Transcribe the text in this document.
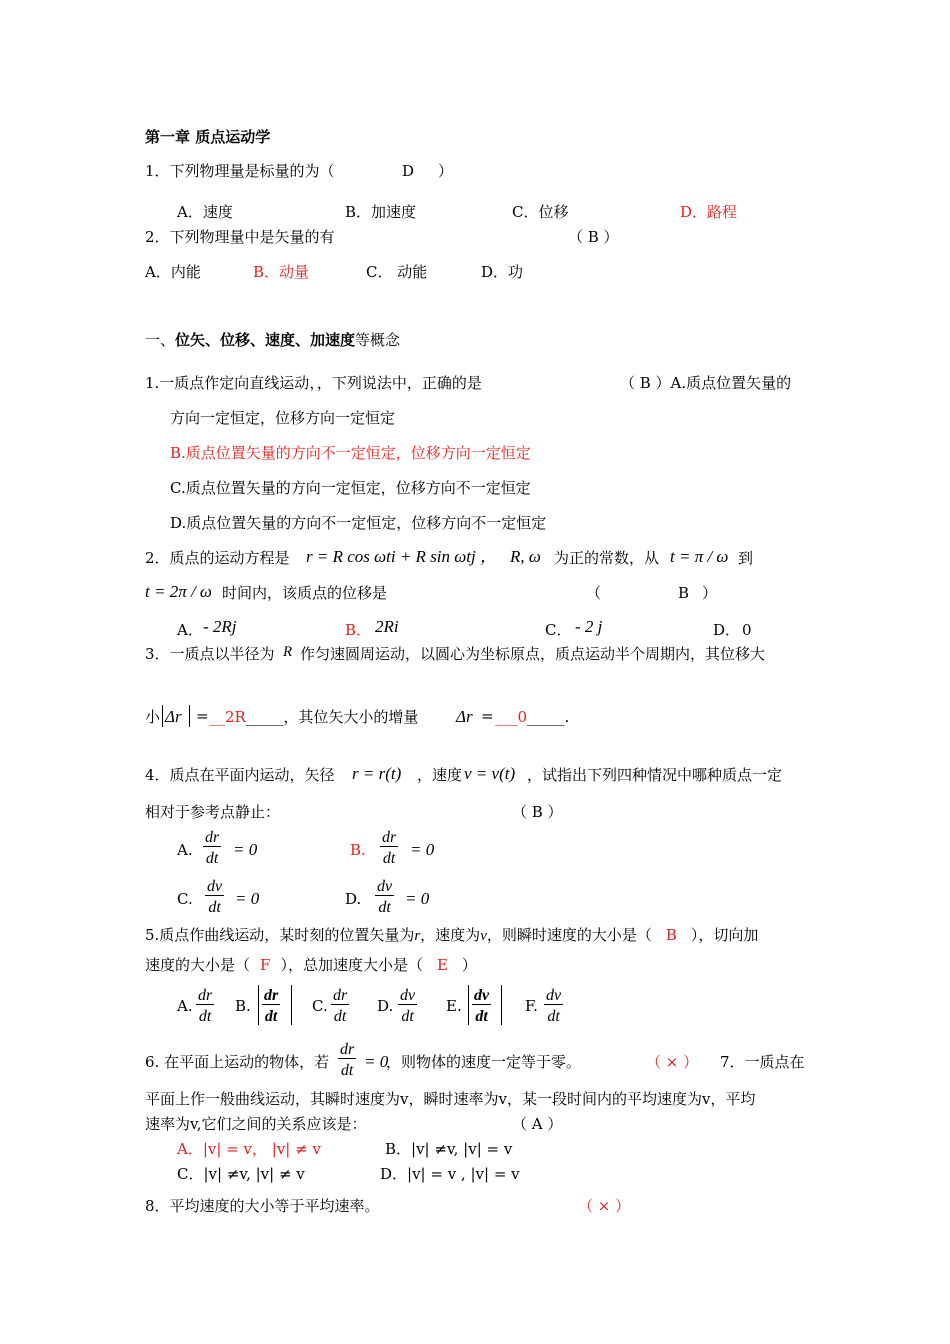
第一章 质点运动学
1．下列物理量是标量的为（	D ）
A．速度	B．加速度	C．位移	D．路程
2．下列物理量中是矢量的有	（ B ）
A．内能	B．动量	C． 动能	D．功
一、位矢、位移、速度、加速度等概念
1.一质点作定向直线运动，，下列说法中，正确的是	（ B ）A.质点位置矢量的
方向一定恒定，位移方向一定恒定
B.质点位置矢量的方向不一定恒定，位移方向一定恒定
C.质点位置矢量的方向一定恒定，位移方向不一定恒定
D.质点位置矢量的方向不一定恒定，位移方向不一定恒定
2．质点的运动方程是 r = R cos ωti + R sin ωtj ， R, ω 为正的常数，从 t = π / ω 到
t = 2π / ω 时间内，该质点的位移是	（	B ）
A． - 2Rj	B． 2Ri	C． - 2 j	D． 0
3．一质点以半径为 R 作匀速圆周运动，以圆心为坐标原点，质点运动半个周期内，其位移大
小 Δr = __2R_____，其位矢大小的增量 Δr = ___0_____.
4．质点在平面内运动，矢径 r = r(t) ，速度 v = v(t) ，试指出下列四种情况中哪种质点一定
相对于参考点静止：	（ B ）
A. $\frac{dr}{dt} = 0$	B. $\frac{dr}{dt} = 0$
C. $\frac{dv}{dt} = 0$	D. $\frac{dv}{dt} = 0$
5.质点作曲线运动，某时刻的位置矢量为r，速度为v，则瞬时速度的大小是（ B ），切向加
速度的大小是（ F ），总加速度大小是（ E ）
A. $\frac{dr}{dt} B$. $\frac{dr}{dt} C$. $\frac{dr}{dt} D$. $\frac{dv}{dt} E$. $\frac{dv}{dt} F$. $\frac{dv}{dt}$
6. 在平面上运动的物体，若 $\frac{dr}{dt} = 0$
，则物体的速度一定等于零。	（ × ） 7．一质点在
平面上作一般曲线运动，其瞬时速度为v，瞬时速率为v，某一段时间内的平均速度为v，平均
速率为v,它们之间的关系应该是：	（ A ）
A．|v| = v， |v| ≠ v	B．|v| ≠v, |v| = v
C．|v| ≠v, |v| ≠ v	D．|v| = v , |v| = v
8．平均速度的大小等于平均速率。	（ × ）
